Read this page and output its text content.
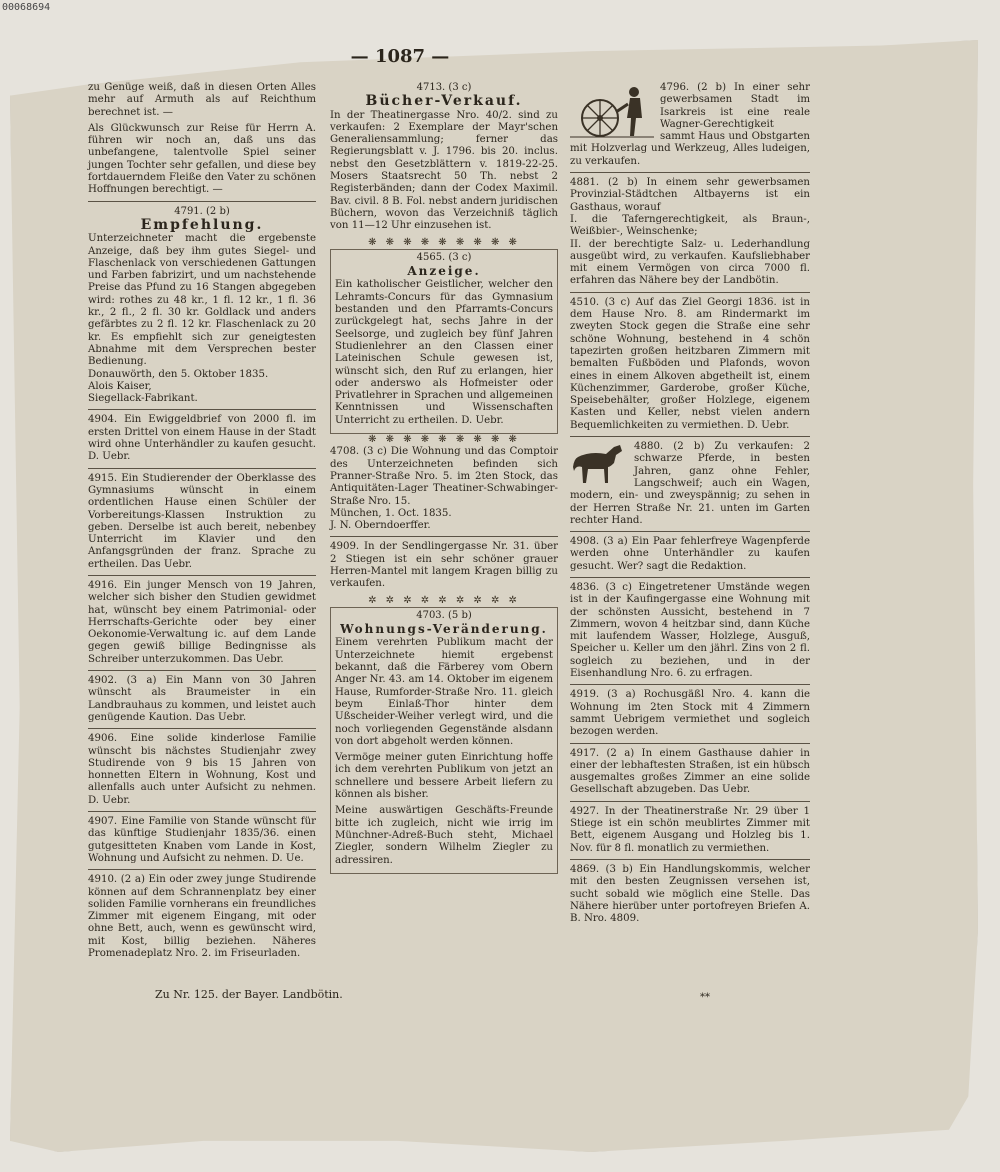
00068694
— 1087 —

zu Genüge weiß, daß in diesen Orten Alles mehr auf Armuth als auf Reichthum berechnet ist. —

Als Glückwunsch zur Reise für Herrn A. führen wir noch an, daß uns das unbefangene, talentvolle Spiel seiner jungen Tochter sehr gefallen, und diese bey fortdauerndem Fleiße den Vater zu schönen Hoffnungen berechtigt. —

4791. (2 b)
Empfehlung.

Unterzeichneter macht die ergebenste Anzeige, daß bey ihm gutes Siegel- und Flaschenlack von verschiedenen Gattungen und Farben fabrizirt, und um nachstehende Preise das Pfund zu 16 Stangen abgegeben wird: rothes zu 48 kr., 1 fl. 12 kr., 1 fl. 36 kr., 2 fl., 2 fl. 30 kr. Goldlack und anders gefärbtes zu 2 fl. 12 kr. Flaschenlack zu 20 kr. Es empfiehlt sich zur geneigtesten Abnahme mit dem Versprechen bester Bedienung.

Donauwörth, den 5. Oktober 1835.

Alois Kaiser,

Siegellack-Fabrikant.

4904. Ein Ewiggeldbrief von 2000 fl. im ersten Drittel von einem Hause in der Stadt wird ohne Unterhändler zu kaufen gesucht. D. Uebr.

4915. Ein Studierender der Oberklasse des Gymnasiums wünscht in einem ordentlichen Hause einen Schüler der Vorbereitungs-Klassen Instruktion zu geben. Derselbe ist auch bereit, nebenbey Unterricht im Klavier und den Anfangsgründen der franz. Sprache zu ertheilen. Das Uebr.

4916. Ein junger Mensch von 19 Jahren, welcher sich bisher den Studien gewidmet hat, wünscht bey einem Patrimonial- oder Herrschafts-Gerichte oder bey einer Oekonomie-Verwaltung ic. auf dem Lande gegen gewiß billige Bedingnisse als Schreiber unterzukommen. Das Uebr.

4902. (3 a) Ein Mann von 30 Jahren wünscht als Braumeister in ein Landbrauhaus zu kommen, und leistet auch genügende Kaution. Das Uebr.

4906. Eine solide kinderlose Familie wünscht bis nächstes Studienjahr zwey Studirende von 9 bis 15 Jahren von honnetten Eltern in Wohnung, Kost und allenfalls auch unter Aufsicht zu nehmen. D. Uebr.

4907. Eine Familie von Stande wünscht für das künftige Studienjahr 1835/36. einen gutgesitteten Knaben vom Lande in Kost, Wohnung und Aufsicht zu nehmen. D. Ue.

4910. (2 a) Ein oder zwey junge Studirende können auf dem Schrannenplatz bey einer soliden Familie vornherans ein freundliches Zimmer mit eigenem Eingang, mit oder ohne Bett, auch, wenn es gewünscht wird, mit Kost, billig beziehen. Näheres Promenadeplatz Nro. 2. im Friseurladen.

4713. (3 c)
Bücher-Verkauf.

In der Theatinergasse Nro. 40/2. sind zu verkaufen: 2 Exemplare der Mayr'schen Generaliensammlung; ferner das Regierungsblatt v. J. 1796. bis 20. inclus. nebst den Gesetzblättern v. 1819-22-25. Mosers Staatsrecht 50 Th. nebst 2 Registerbänden; dann der Codex Maximil. Bav. civil. 8 B. Fol. nebst andern juridischen Büchern, wovon das Verzeichniß täglich von 11—12 Uhr einzusehen ist.

❋ ❋ ❋ ❋ ❋ ❋ ❋ ❋ ❋
4565. (3 c)
Anzeige.

Ein katholischer Geistlicher, welcher den Lehramts-Concurs für das Gymnasium bestanden und den Pfarramts-Concurs zurückgelegt hat, sechs Jahre in der Seelsorge, und zugleich bey fünf Jahren Studienlehrer an den Classen einer Lateinischen Schule gewesen ist, wünscht sich, den Ruf zu erlangen, hier oder anderswo als Hofmeister oder Privatlehrer in Sprachen und allgemeinen Kenntnissen und Wissenschaften Unterricht zu ertheilen. D. Uebr.

❋ ❋ ❋ ❋ ❋ ❋ ❋ ❋ ❋

4708. (3 c) Die Wohnung und das Comptoir des Unterzeichneten befinden sich Pranner-Straße Nro. 5. im 2ten Stock, das Antiquitäten-Lager Theatiner-Schwabinger-Straße Nro. 15.

München, 1. Oct. 1835.

J. N. Oberndoerffer.

4909. In der Sendlingergasse Nr. 31. über 2 Stiegen ist ein sehr schöner grauer Herren-Mantel mit langem Kragen billig zu verkaufen.

✲ ✲ ✲ ✲ ✲ ✲ ✲ ✲ ✲
4703. (5 b)
Wohnungs-Veränderung.

Einem verehrten Publikum macht der Unterzeichnete hiemit ergebenst bekannt, daß die Färberey vom Obern Anger Nr. 43. am 14. Oktober im eigenem Hause, Rumforder-Straße Nro. 11. gleich beym Einlaß-Thor hinter dem Ußscheider-Weiher verlegt wird, und die noch vorliegenden Gegenstände alsdann von dort abgeholt werden können.

Vermöge meiner guten Einrichtung hoffe ich dem verehrten Publikum von jetzt an schnellere und bessere Arbeit liefern zu können als bisher.

Meine auswärtigen Geschäfts-Freunde bitte ich zugleich, nicht wie irrig im Münchner-Adreß-Buch steht, Michael Ziegler, sondern Wilhelm Ziegler zu adressiren.

4796. (2 b) In einer sehr gewerbsamen Stadt im Isarkreis ist eine reale Wagner-Gerechtigkeit sammt Haus und Obstgarten mit Holzverlag und Werkzeug, Alles ludeigen, zu verkaufen.

4881. (2 b) In einem sehr gewerbsamen Provinzial-Städtchen Altbayerns ist ein Gasthaus, worauf

I. die Taferngerechtigkeit, als Braun-, Weißbier-, Weinschenke;

II. der berechtigte Salz- u. Lederhandlung ausgeübt wird, zu verkaufen. Kaufsliebhaber mit einem Vermögen von circa 7000 fl. erfahren das Nähere bey der Landbötin.

4510. (3 c) Auf das Ziel Georgi 1836. ist in dem Hause Nro. 8. am Rindermarkt im zweyten Stock gegen die Straße eine sehr schöne Wohnung, bestehend in 4 schön tapezirten großen heitzbaren Zimmern mit bemalten Fußböden und Plafonds, wovon eines in einem Alkoven abgetheilt ist, einem Küchenzimmer, Garderobe, großer Küche, Speisebehälter, großer Holzlege, eigenem Kasten und Keller, nebst vielen andern Bequemlichkeiten zu vermiethen. D. Uebr.

4880. (2 b) Zu verkaufen: 2 schwarze Pferde, in besten Jahren, ganz ohne Fehler, Langschweif; auch ein Wagen, modern, ein- und zweyspännig; zu sehen in der Herren Straße Nr. 21. unten im Garten rechter Hand.

4908. (3 a) Ein Paar fehlerfreye Wagenpferde werden ohne Unterhändler zu kaufen gesucht. Wer? sagt die Redaktion.

4836. (3 c) Eingetretener Umstände wegen ist in der Kaufingergasse eine Wohnung mit der schönsten Aussicht, bestehend in 7 Zimmern, wovon 4 heitzbar sind, dann Küche mit laufendem Wasser, Holzlege, Ausguß, Speicher u. Keller um den jährl. Zins von 2 fl. sogleich zu beziehen, und in der Eisenhandlung Nro. 6. zu erfragen.

4919. (3 a) Rochusgäßl Nro. 4. kann die Wohnung im 2ten Stock mit 4 Zimmern sammt Uebrigem vermiethet und sogleich bezogen werden.

4917. (2 a) In einem Gasthause dahier in einer der lebhaftesten Straßen, ist ein hübsch ausgemaltes großes Zimmer an eine solide Gesellschaft abzugeben. Das Uebr.

4927. In der Theatinerstraße Nr. 29 über 1 Stiege ist ein schön meublirtes Zimmer mit Bett, eigenem Ausgang und Holzleg bis 1. Nov. für 8 fl. monatlich zu vermiethen.

4869. (3 b) Ein Handlungskommis, welcher mit den besten Zeugnissen versehen ist, sucht sobald wie möglich eine Stelle. Das Nähere hierüber unter portofreyen Briefen A. B. Nro. 4809.

Zu Nr. 125. der Bayer. Landbötin.	**
